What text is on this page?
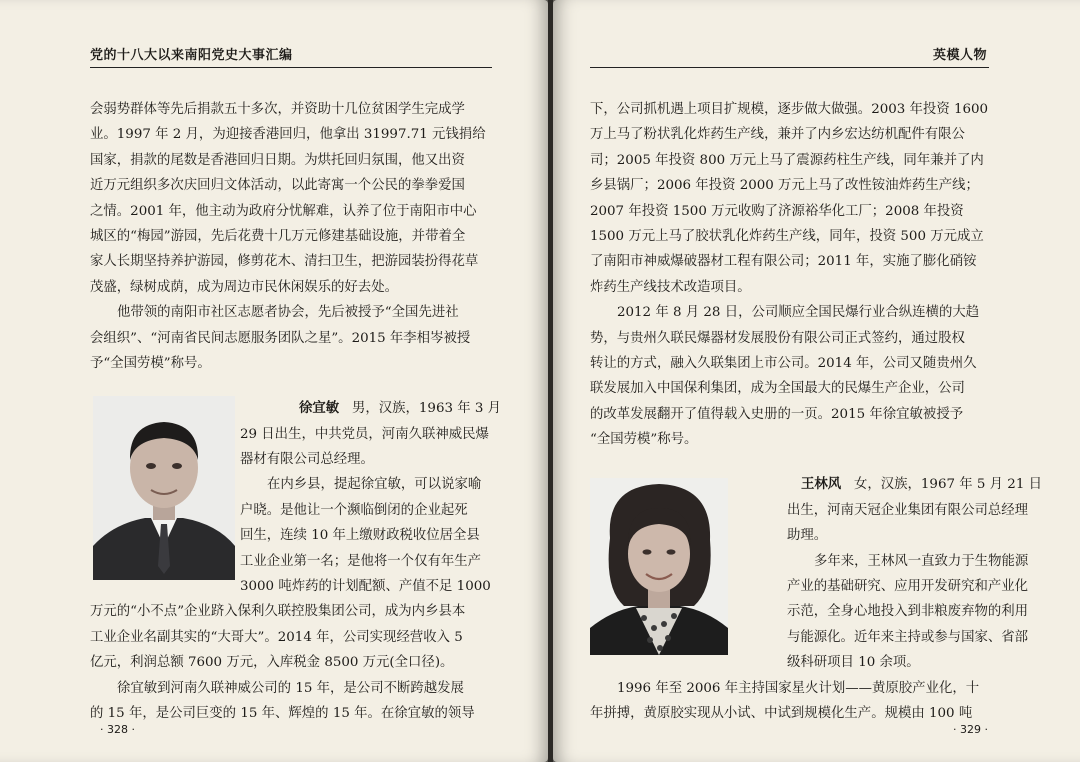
党的十八大以来南阳党史大事汇编
会弱势群体等先后捐款五十多次，并资助十几位贫困学生完成学
业。1997 年 2 月，为迎接香港回归，他拿出 31997.71 元钱捐给
国家，捐款的尾数是香港回归日期。为烘托回归氛围，他又出资
近万元组织多次庆回归文体活动，以此寄寓一个公民的拳拳爱国
之情。2001 年，他主动为政府分忧解难，认养了位于南阳市中心
城区的“梅园”游园，先后花费十几万元修建基础设施，并带着全
家人长期坚持养护游园，修剪花木、清扫卫生，把游园装扮得花草
茂盛，绿树成荫，成为周边市民休闲娱乐的好去处。
他带领的南阳市社区志愿者协会，先后被授予“全国先进社
会组织”、“河南省民间志愿服务团队之星”。2015 年李相岑被授
予“全国劳模”称号。
徐宜敏 男，汉族，1963 年 3 月
29 日出生，中共党员，河南久联神威民爆
器材有限公司总经理。
在内乡县，提起徐宜敏，可以说家喻
户晓。是他让一个濒临倒闭的企业起死
回生，连续 10 年上缴财政税收位居全县
工业企业第一名；是他将一个仅有年生产
3000 吨炸药的计划配额、产值不足 1000
万元的“小不点”企业跻入保利久联控股集团公司，成为内乡县本
工业企业名副其实的“大哥大”。2014 年，公司实现经营收入 5
亿元，利润总额 7600 万元，入库税金 8500 万元(全口径)。
徐宜敏到河南久联神威公司的 15 年，是公司不断跨越发展
的 15 年，是公司巨变的 15 年、辉煌的 15 年。在徐宜敏的领导
· 328 ·
英模人物
下，公司抓机遇上项目扩规模，逐步做大做强。2003 年投资 1600
万上马了粉状乳化炸药生产线，兼并了内乡宏达纺机配件有限公
司；2005 年投资 800 万元上马了震源药柱生产线，同年兼并了内
乡县锅厂；2006 年投资 2000 万元上马了改性铵油炸药生产线；
2007 年投资 1500 万元收购了济源裕华化工厂；2008 年投资
1500 万元上马了胶状乳化炸药生产线，同年，投资 500 万元成立
了南阳市神威爆破器材工程有限公司；2011 年，实施了膨化硝铵
炸药生产线技术改造项目。
2012 年 8 月 28 日，公司顺应全国民爆行业合纵连横的大趋
势，与贵州久联民爆器材发展股份有限公司正式签约，通过股权
转让的方式，融入久联集团上市公司。2014 年，公司又随贵州久
联发展加入中国保利集团，成为全国最大的民爆生产企业，公司
的改革发展翻开了值得载入史册的一页。2015 年徐宜敏被授予
“全国劳模”称号。
王林风 女，汉族，1967 年 5 月 21 日
出生，河南天冠企业集团有限公司总经理
助理。
多年来，王林风一直致力于生物能源
产业的基础研究、应用开发研究和产业化
示范，全身心地投入到非粮废弃物的利用
与能源化。近年来主持或参与国家、省部
级科研项目 10 余项。
1996 年至 2006 年主持国家星火计划——黄原胶产业化，十
年拼搏，黄原胶实现从小试、中试到规模化生产。规模由 100 吨
· 329 ·
